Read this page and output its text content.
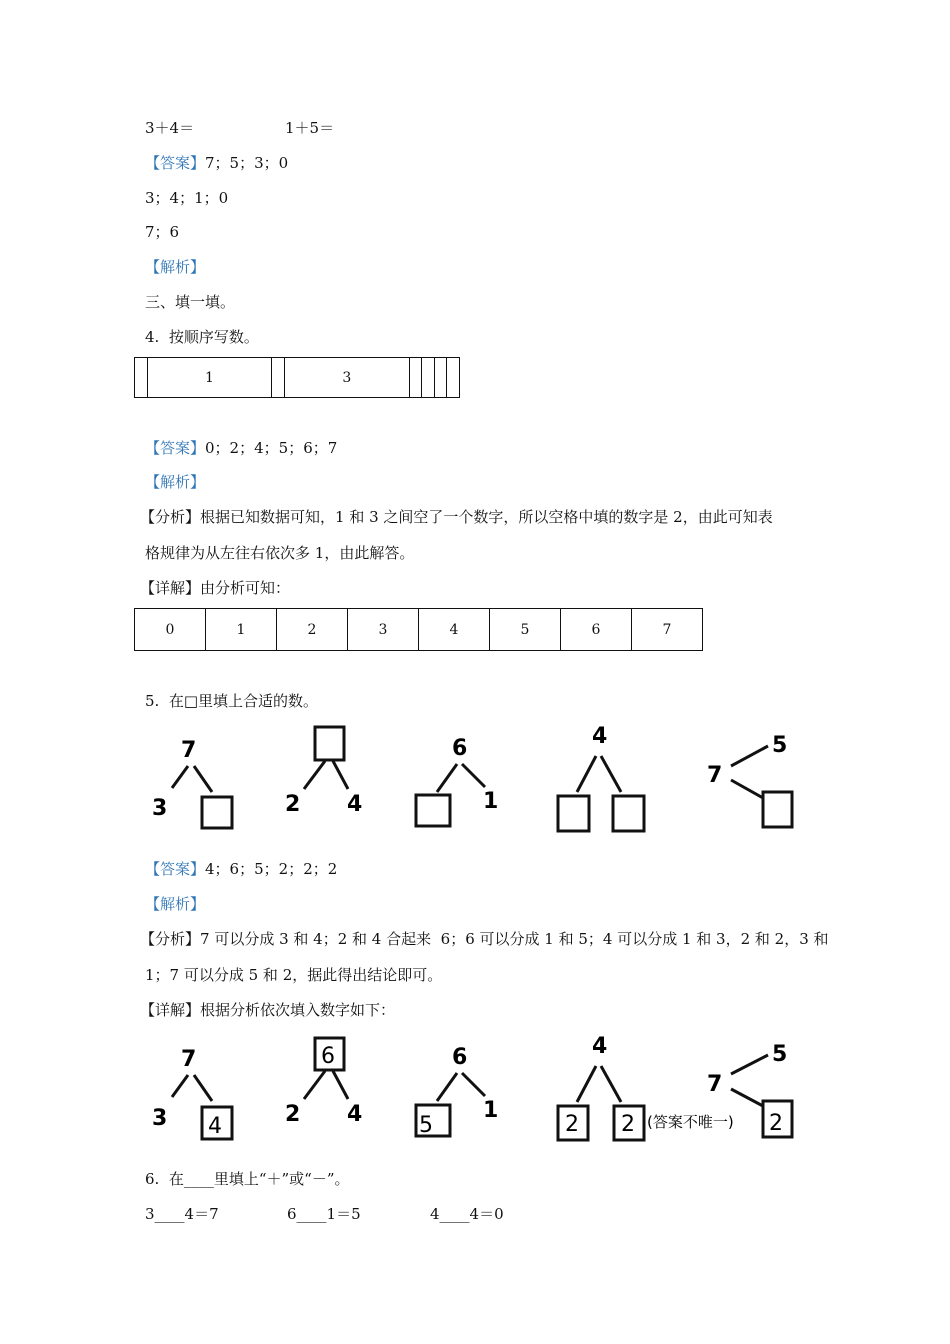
3＋4＝	1＋5＝
【答案】7；5；3；0
3；4；1；0
7；6
【解析】
三、填一填。
4.  按顺序写数。
	1		3				
【答案】0；2；4；5；6；7
【解析】
【分析】根据已知数据可知，1 和 3 之间空了一个数字，所以空格中填的数字是 2，由此可知表
格规律为从左往右依次多 1，由此解答。
【详解】由分析可知：
0	1	2	3	4	5	6	7
5.  在□里填上合适的数。
7
3	2 4
6
1
4
7
5
【答案】4；6；5；2；2；2
【解析】
【分析】7 可以分成 3 和 4；2 和 4 合起来  6；6 可以分成 1 和 5；4 可以分成 1 和 3，2 和 2，3 和
1；7 可以分成 5 和 2，据此得出结论即可。
【详解】根据分析依次填入数字如下：
7
3 4
6
2 4
6
5
1
4
2 2 (答案不唯一)
7
5
2
6.  在____里填上“＋”或“－”。
3____4＝7	6____1＝5	4____4＝0
